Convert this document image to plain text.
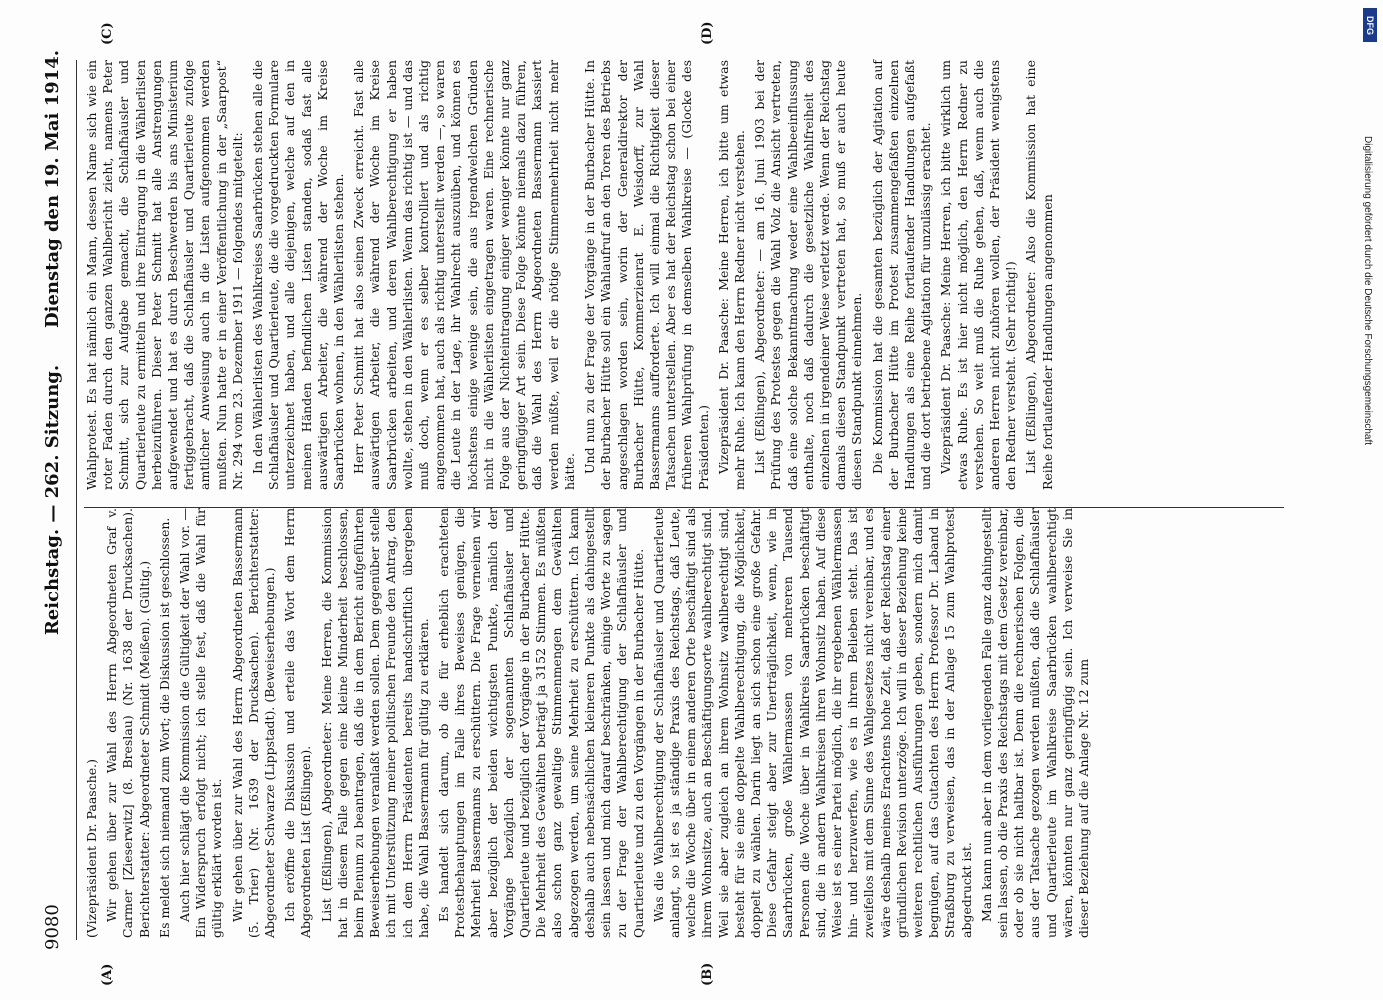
9080
Reichstag. — 262. Sitzung.
Dienstag den 19. Mai 1914.
(A)	(B)
(C)	(D)

(Vizepräsident Dr. Paasche.) Wir gehen über zur Wahl des Herrn Abgeordneten Graf v. Carmer [Zieserwitz] (8. Breslau) (Nr. 1638 der Drucksachen). Berichterstatter: Abgeordneter Schmidt (Meißen). (Gültig.) Es meldet sich niemand zum Wort; die Diskussion ist geschlossen. Auch hier schlägt die Kommission die Gültigkeit der Wahl vor. — Ein Widerspruch erfolgt nicht; ich stelle fest, daß die Wahl für gültig erklärt worden ist. Wir gehen über zur Wahl des Herrn Abgeordneten Bassermann (5. Trier) (Nr. 1639 der Drucksachen). Berichterstatter: Abgeordneter Schwarze (Lippstadt). (Beweiserhebungen.) Ich eröffne die Diskussion und erteile das Wort dem Herrn Abgeordneten List (Eßlingen). List (Eßlingen), Abgeordneter: Meine Herren, die Kommission hat in diesem Falle gegen eine kleine Minderheit beschlossen, beim Plenum zu beantragen, daß die in dem Bericht aufgeführten Beweiserhebungen veranlaßt werden sollen. Dem gegenüber stelle ich mit Unterstützung meiner politischen Freunde den Antrag, den ich dem Herrn Präsidenten bereits handschriftlich übergeben habe, die Wahl Bassermann für gültig zu erklären. Es handelt sich darum, ob die für erheblich erachteten Protestbehauptungen im Falle ihres Beweises genügen, die Mehrheit Bassermanns zu erschüttern. Die Frage verneinen wir aber bezüglich der beiden wichtigsten Punkte, nämlich der Vorgänge bezüglich der sogenannten Schlafhäusler und Quartierleute und bezüglich der Vorgänge in der Burbacher Hütte. Die Mehrheit des Gewählten beträgt ja 3152 Stimmen. Es müßten also schon ganz gewaltige Stimmenmengen dem Gewählten abgezogen werden, um seine Mehrheit zu erschüttern. Ich kann deshalb auch nebensächlichen kleineren Punkte als dahingestellt sein lassen und mich darauf beschränken, einige Worte zu sagen zu der Frage der Wahlberechtigung der Schlafhäusler und Quartierleute und zu den Vorgängen in der Burbacher Hütte. Was die Wahlberechtigung der Schlafhäusler und Quartierleute anlangt, so ist es ja ständige Praxis des Reichstags, daß Leute, welche die Woche über in einem anderen Orte beschäftigt sind als ihrem Wohnsitze, auch an Beschäftigungsorte wahlberechtigt sind. Weil sie aber zugleich an ihrem Wohnsitz wahlberechtigt sind, besteht für sie eine doppelte Wahlberechtigung, die Möglichkeit, doppelt zu wählen. Darin liegt an sich schon eine große Gefahr. Diese Gefahr steigt aber zur Unerträglichkeit, wenn, wie in Saarbrücken, große Wählermassen von mehreren Tausend Personen die Woche über in Wahlkreis Saarbrücken beschäftigt sind, die in andern Wahlkreisen ihren Wohnsitz haben. Auf diese Weise ist es einer Partei möglich, die ihr ergebenen Wählermassen hin- und herzuwerfen, wie es in ihrem Belieben steht. Das ist zweifellos mit dem Sinne des Wahlgesetzes nicht vereinbar, und es wäre deshalb meines Erachtens hohe Zeit, daß der Reichstag einer gründlichen Revision unterzöge. Ich will in dieser Beziehung keine weiteren rechtlichen Ausführungen geben, sondern mich damit begnügen, auf das Gutachten des Herrn Professor Dr. Laband in Straßburg zu verweisen, das in der Anlage 15 zum Wahlprotest abgedruckt ist. Man kann nun aber in dem vorliegenden Falle ganz dahingestellt sein lassen, ob die Praxis des Reichstags mit dem Gesetz vereinbar, oder ob sie nicht haltbar ist. Denn die rechnerischen Folgen, die aus der Tatsache gezogen werden müßten, daß die Schlafhäusler und Quartierleute im Wahlkreise Saarbrücken wahlberechtigt wären, könnten nur ganz geringfügig sein. Ich verweise Sie in dieser Beziehung auf die Anlage Nr. 12 zum

Wahlprotest. Es hat nämlich ein Mann, dessen Name sich wie ein roter Faden durch den ganzen Wahlbericht zieht, namens Peter Schmitt, sich zur Aufgabe gemacht, die Schlafhäusler und Quartierleute zu ermitteln und ihre Eintragung in die Wählerlisten herbeizuführen. Dieser Peter Schmitt hat alle Anstrengungen aufgewendet und hat es durch Beschwerden bis ans Ministerium fertiggebracht, daß die Schlafhäusler und Quartierleute zufolge amtlicher Anweisung auch in die Listen aufgenommen werden mußten. Nun hatte er in einer Veröffentlichung in der „Saarpost“ Nr. 294 vom 23. Dezember 1911 — folgendes mitgeteilt: In den Wählerlisten des Wahlkreises Saarbrücken stehen alle die Schlafhäusler und Quartierleute, die die vorgedruckten Formulare unterzeichnet haben, und alle diejenigen, welche auf den in meinen Händen befindlichen Listen standen, sodaß fast alle auswärtigen Arbeiter, die während der Woche im Kreise Saarbrücken wohnen, in den Wählerlisten stehen. Herr Peter Schmitt hat also seinen Zweck erreicht. Fast alle auswärtigen Arbeiter, die während der Woche im Kreise Saarbrücken arbeiten, und deren Wahlberechtigung er haben wollte, stehen in den Wählerlisten. Wenn das richtig ist — und das muß doch, wenn er es selber kontrolliert und als richtig angenommen hat, auch als richtig unterstellt werden —, so waren die Leute in der Lage, ihr Wahlrecht auszuüben, und können es höchstens einige wenige sein, die aus irgendwelchen Gründen nicht in die Wählerlisten eingetragen waren. Eine rechnerische Folge aus der Nichteintragung einiger weniger könnte nur ganz geringfügiger Art sein. Diese Folge könnte niemals dazu führen, daß die Wahl des Herrn Abgeordneten Bassermann kassiert werden müßte, weil er die nötige Stimmenmehrheit nicht mehr hätte. Und nun zu der Frage der Vorgänge in der Burbacher Hütte. In der Burbacher Hütte soll ein Wahlaufruf an den Toren des Betriebs angeschlagen worden sein, worin der Generaldirektor der Burbacher Hütte, Kommerzienrat E. Weisdorff, zur Wahl Bassermanns aufforderte. Ich will einmal die Richtigkeit dieser Tatsachen unterstellen. Aber es hat der Reichstag schon bei einer früheren Wahlprüfung in demselben Wahlkreise — (Glocke des Präsidenten.) Vizepräsident Dr. Paasche: Meine Herren, ich bitte um etwas mehr Ruhe. Ich kann den Herrn Redner nicht verstehen. List (Eßlingen), Abgeordneter: — am 16. Juni 1903 bei der Prüfung des Protestes gegen die Wahl Volz die Ansicht vertreten, daß eine solche Bekanntmachung weder eine Wahlbeeinflussung enthalte, noch daß dadurch die gesetzliche Wahlfreiheit des einzelnen in irgendeiner Weise verletzt werde. Wenn der Reichstag damals diesen Standpunkt vertreten hat, so muß er auch heute diesen Standpunkt einnehmen. Die Kommission hat die gesamten bezüglich der Agitation auf der Burbacher Hütte im Protest zusammengefaßten einzelnen Handlungen als eine Reihe fortlaufender Handlungen aufgefaßt und die dort betriebene Agitation für unzulässig erachtet. Vizepräsident Dr. Paasche: Meine Herren, ich bitte wirklich um etwas Ruhe. Es ist hier nicht möglich, den Herrn Redner zu verstehen. So weit muß die Ruhe gehen, daß, wenn auch die anderen Herren nicht zuhören wollen, der Präsident wenigstens den Redner versteht. (Sehr richtig!) List (Eßlingen), Abgeordneter: Also die Kommission hat eine Reihe fortlaufender Handlungen angenommen

DFG
Digitalisierung gefördert durch die Deutsche Forschungsgemeinschaft
